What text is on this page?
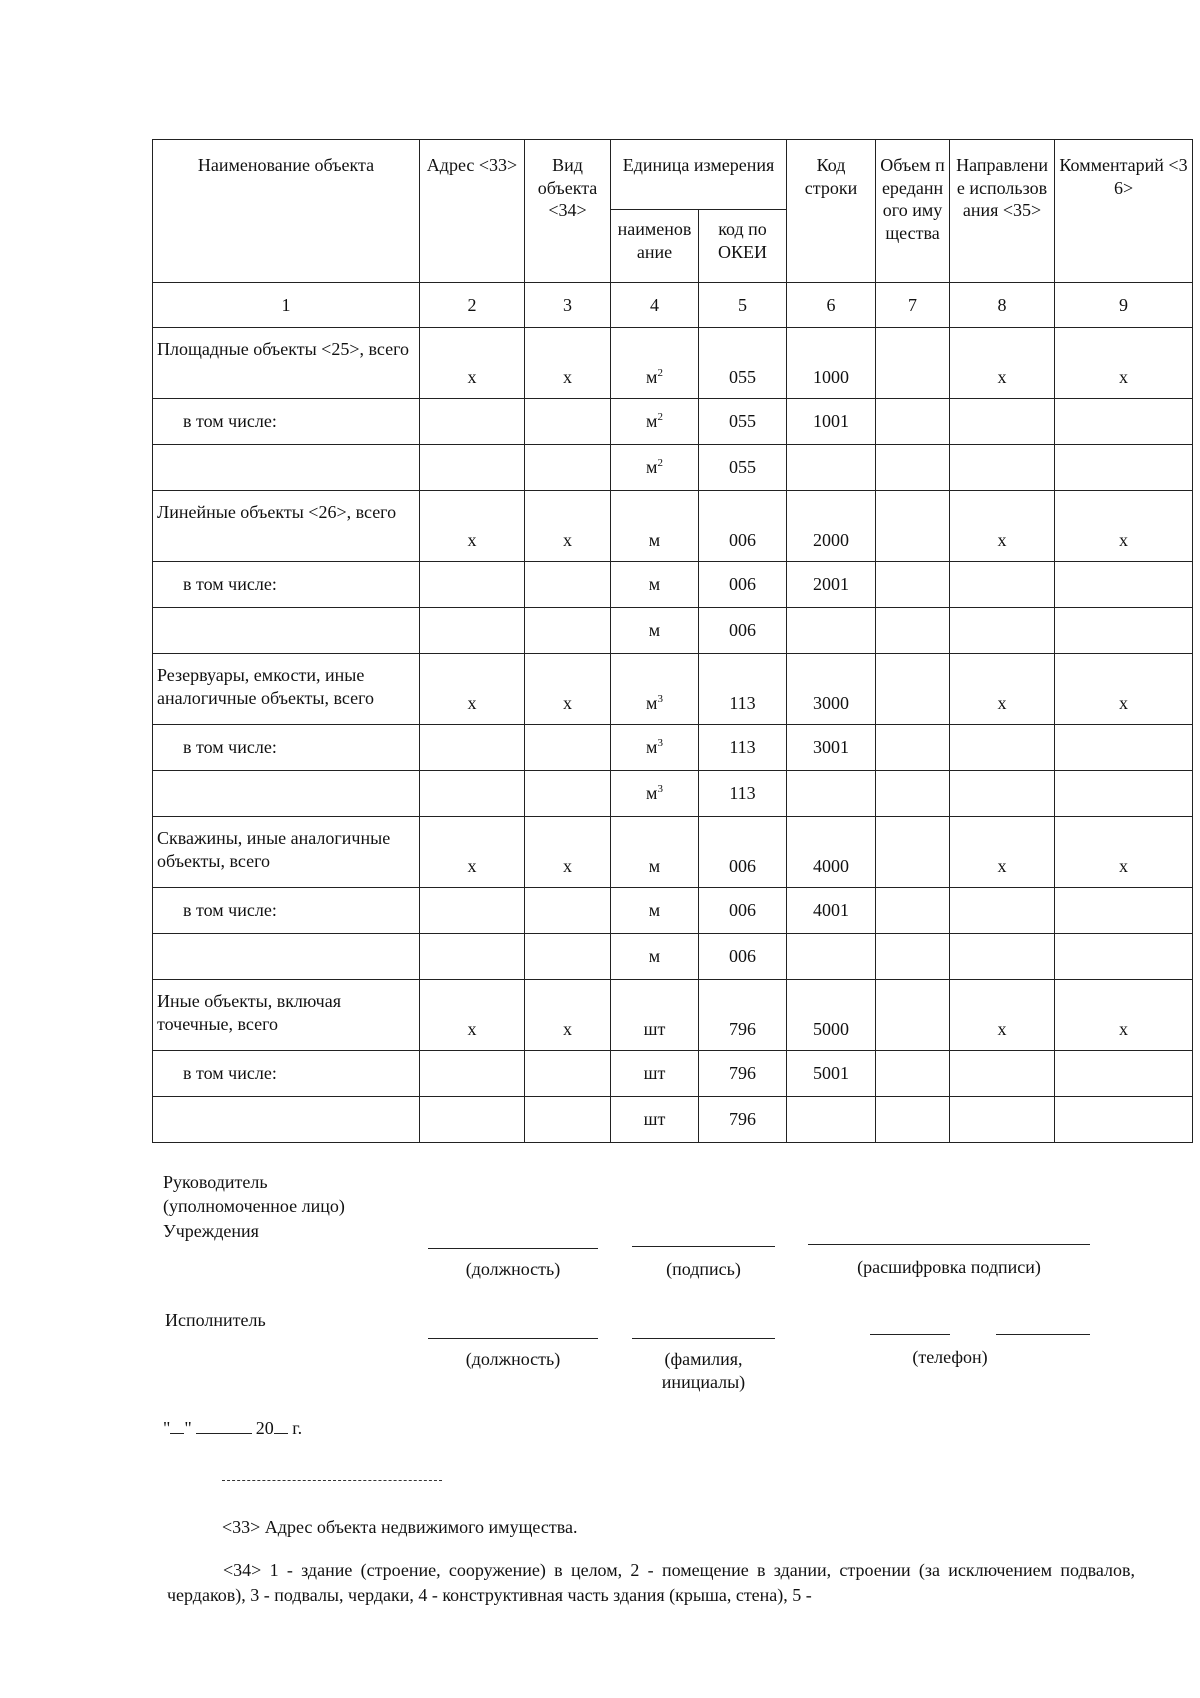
Наименование объекта	Адрес <33>	Вид объекта <34>	Единица измерения		Код строки	Объем переданного имущества	Направление использования <35>	Комментарий <36>
			наименование	код по ОКЕИ				
1	2	3	4	5	6	7	8	9
Площадные объекты <25>, всего	х	х	$м^2$	055	1000		х	х
в том числе:			$м^2$	055	1001			
			$м^2$	055				
Линейные объекты <26>, всего	х	х	м	006	2000		х	х
в том числе:			м	006	2001			
			м	006				
Резервуары, емкости, иные аналогичные объекты, всего	х	х	$м^3$	113	3000		х	х
в том числе:			$м^3$	113	3001			
			$м^3$	113				
Скважины, иные аналогичные объекты, всего	х	х	м	006	4000		х	х
в том числе:			м	006	4001			
			м	006				
Иные объекты, включая точечные, всего	х	х	шт	796	5000		х	х
в том числе:			шт	796	5001			
			шт	796				
Руководитель
(уполномоченное лицо)
Учреждения
(должность)	(подпись)	(расшифровка подписи)
Исполнитель
(должность)	(фамилия,
инициалы)
(телефон)
" "	20 г.
<33> Адрес объекта недвижимого имущества.
<34> 1 - здание (строение, сооружение) в целом, 2 - помещение в здании, строении (за исключением подвалов, чердаков), 3 - подвалы, чердаки, 4 - конструктивная часть здания (крыша, стена), 5 -
